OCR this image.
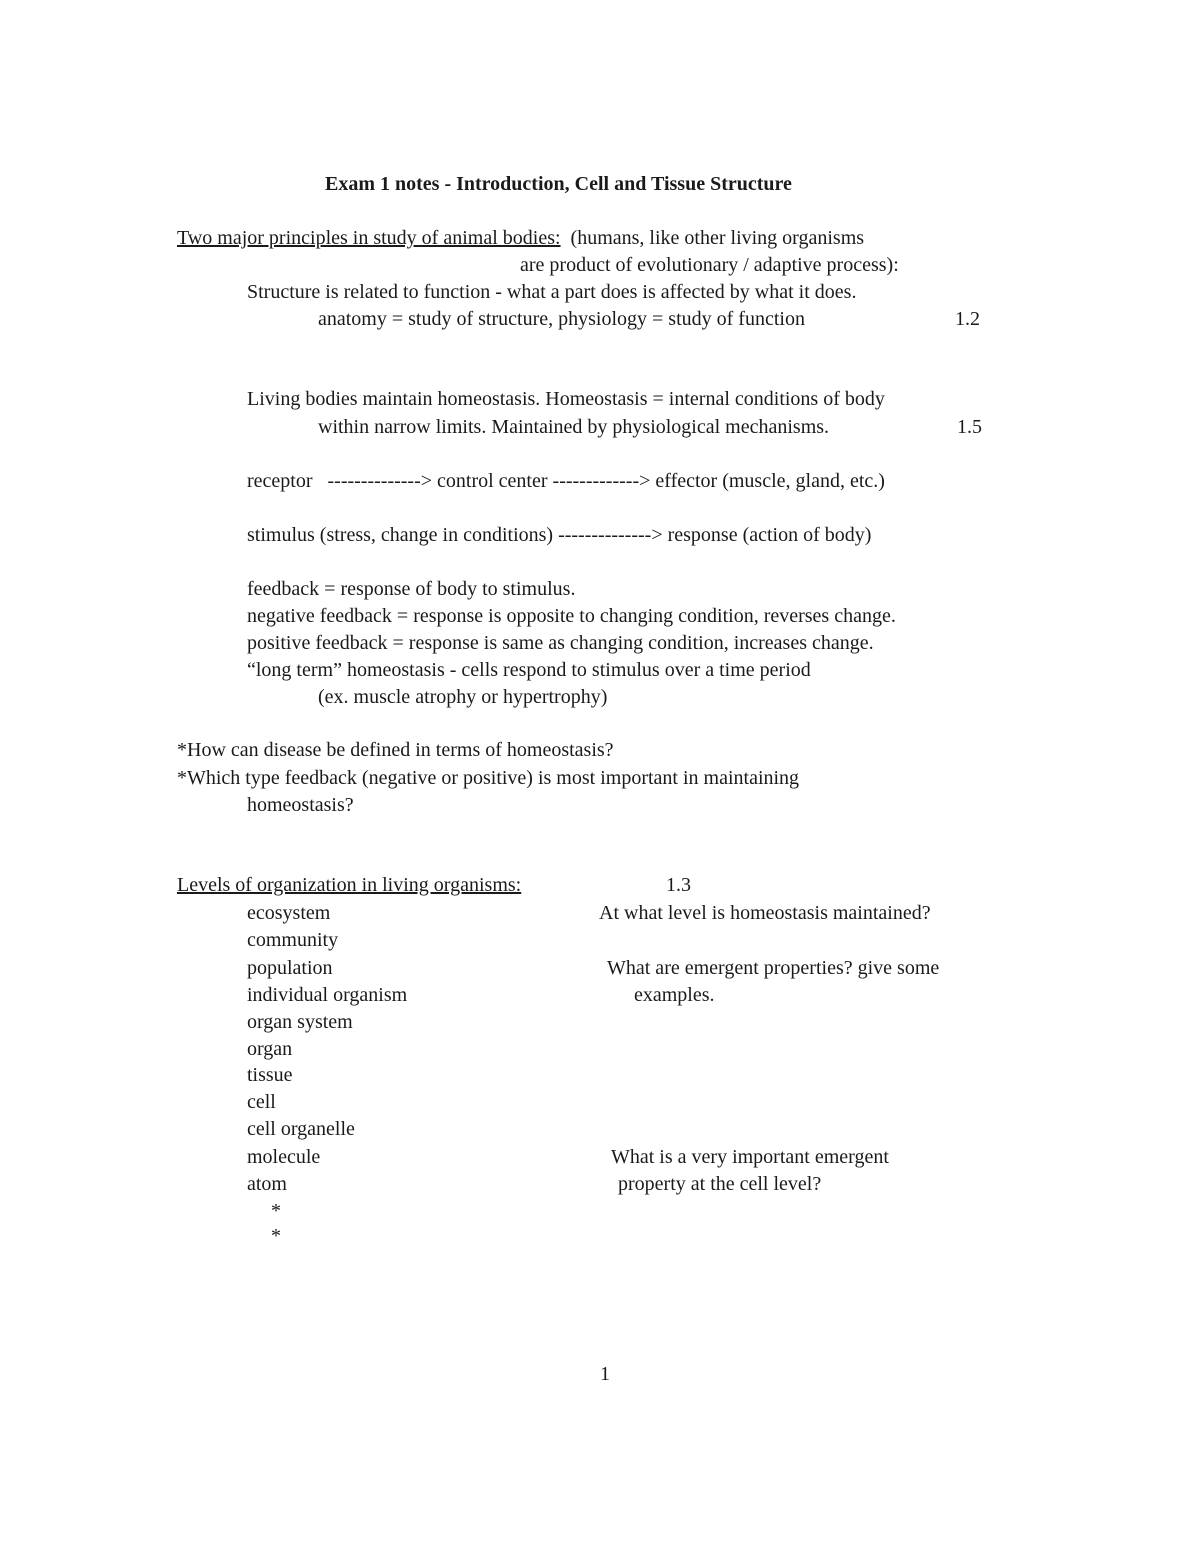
Exam 1 notes - Introduction, Cell and Tissue Structure
Two major principles in study of animal bodies: (humans, like other living organisms
are product of evolutionary / adaptive process):
Structure is related to function - what a part does is affected by what it does.
anatomy = study of structure, physiology = study of function	1.2
Living bodies maintain homeostasis. Homeostasis = internal conditions of body
within narrow limits. Maintained by physiological mechanisms.	1.5
receptor   --------------> control center -------------> effector (muscle, gland, etc.)
stimulus (stress, change in conditions) --------------> response (action of body)
feedback = response of body to stimulus.
negative feedback = response is opposite to changing condition, reverses change.
positive feedback = response is same as changing condition, increases change.
“long term” homeostasis - cells respond to stimulus over a time period
(ex. muscle atrophy or hypertrophy)
*How can disease be defined in terms of homeostasis?
*Which type feedback (negative or positive) is most important in maintaining
homeostasis?
Levels of organization in living organisms:	1.3
ecosystem
community
population
individual organism
organ system
organ
tissue
cell
cell organelle
molecule
atom
*
*
At what level is homeostasis maintained?
What are emergent properties? give some
examples.
What is a very important emergent
property at the cell level?
1
